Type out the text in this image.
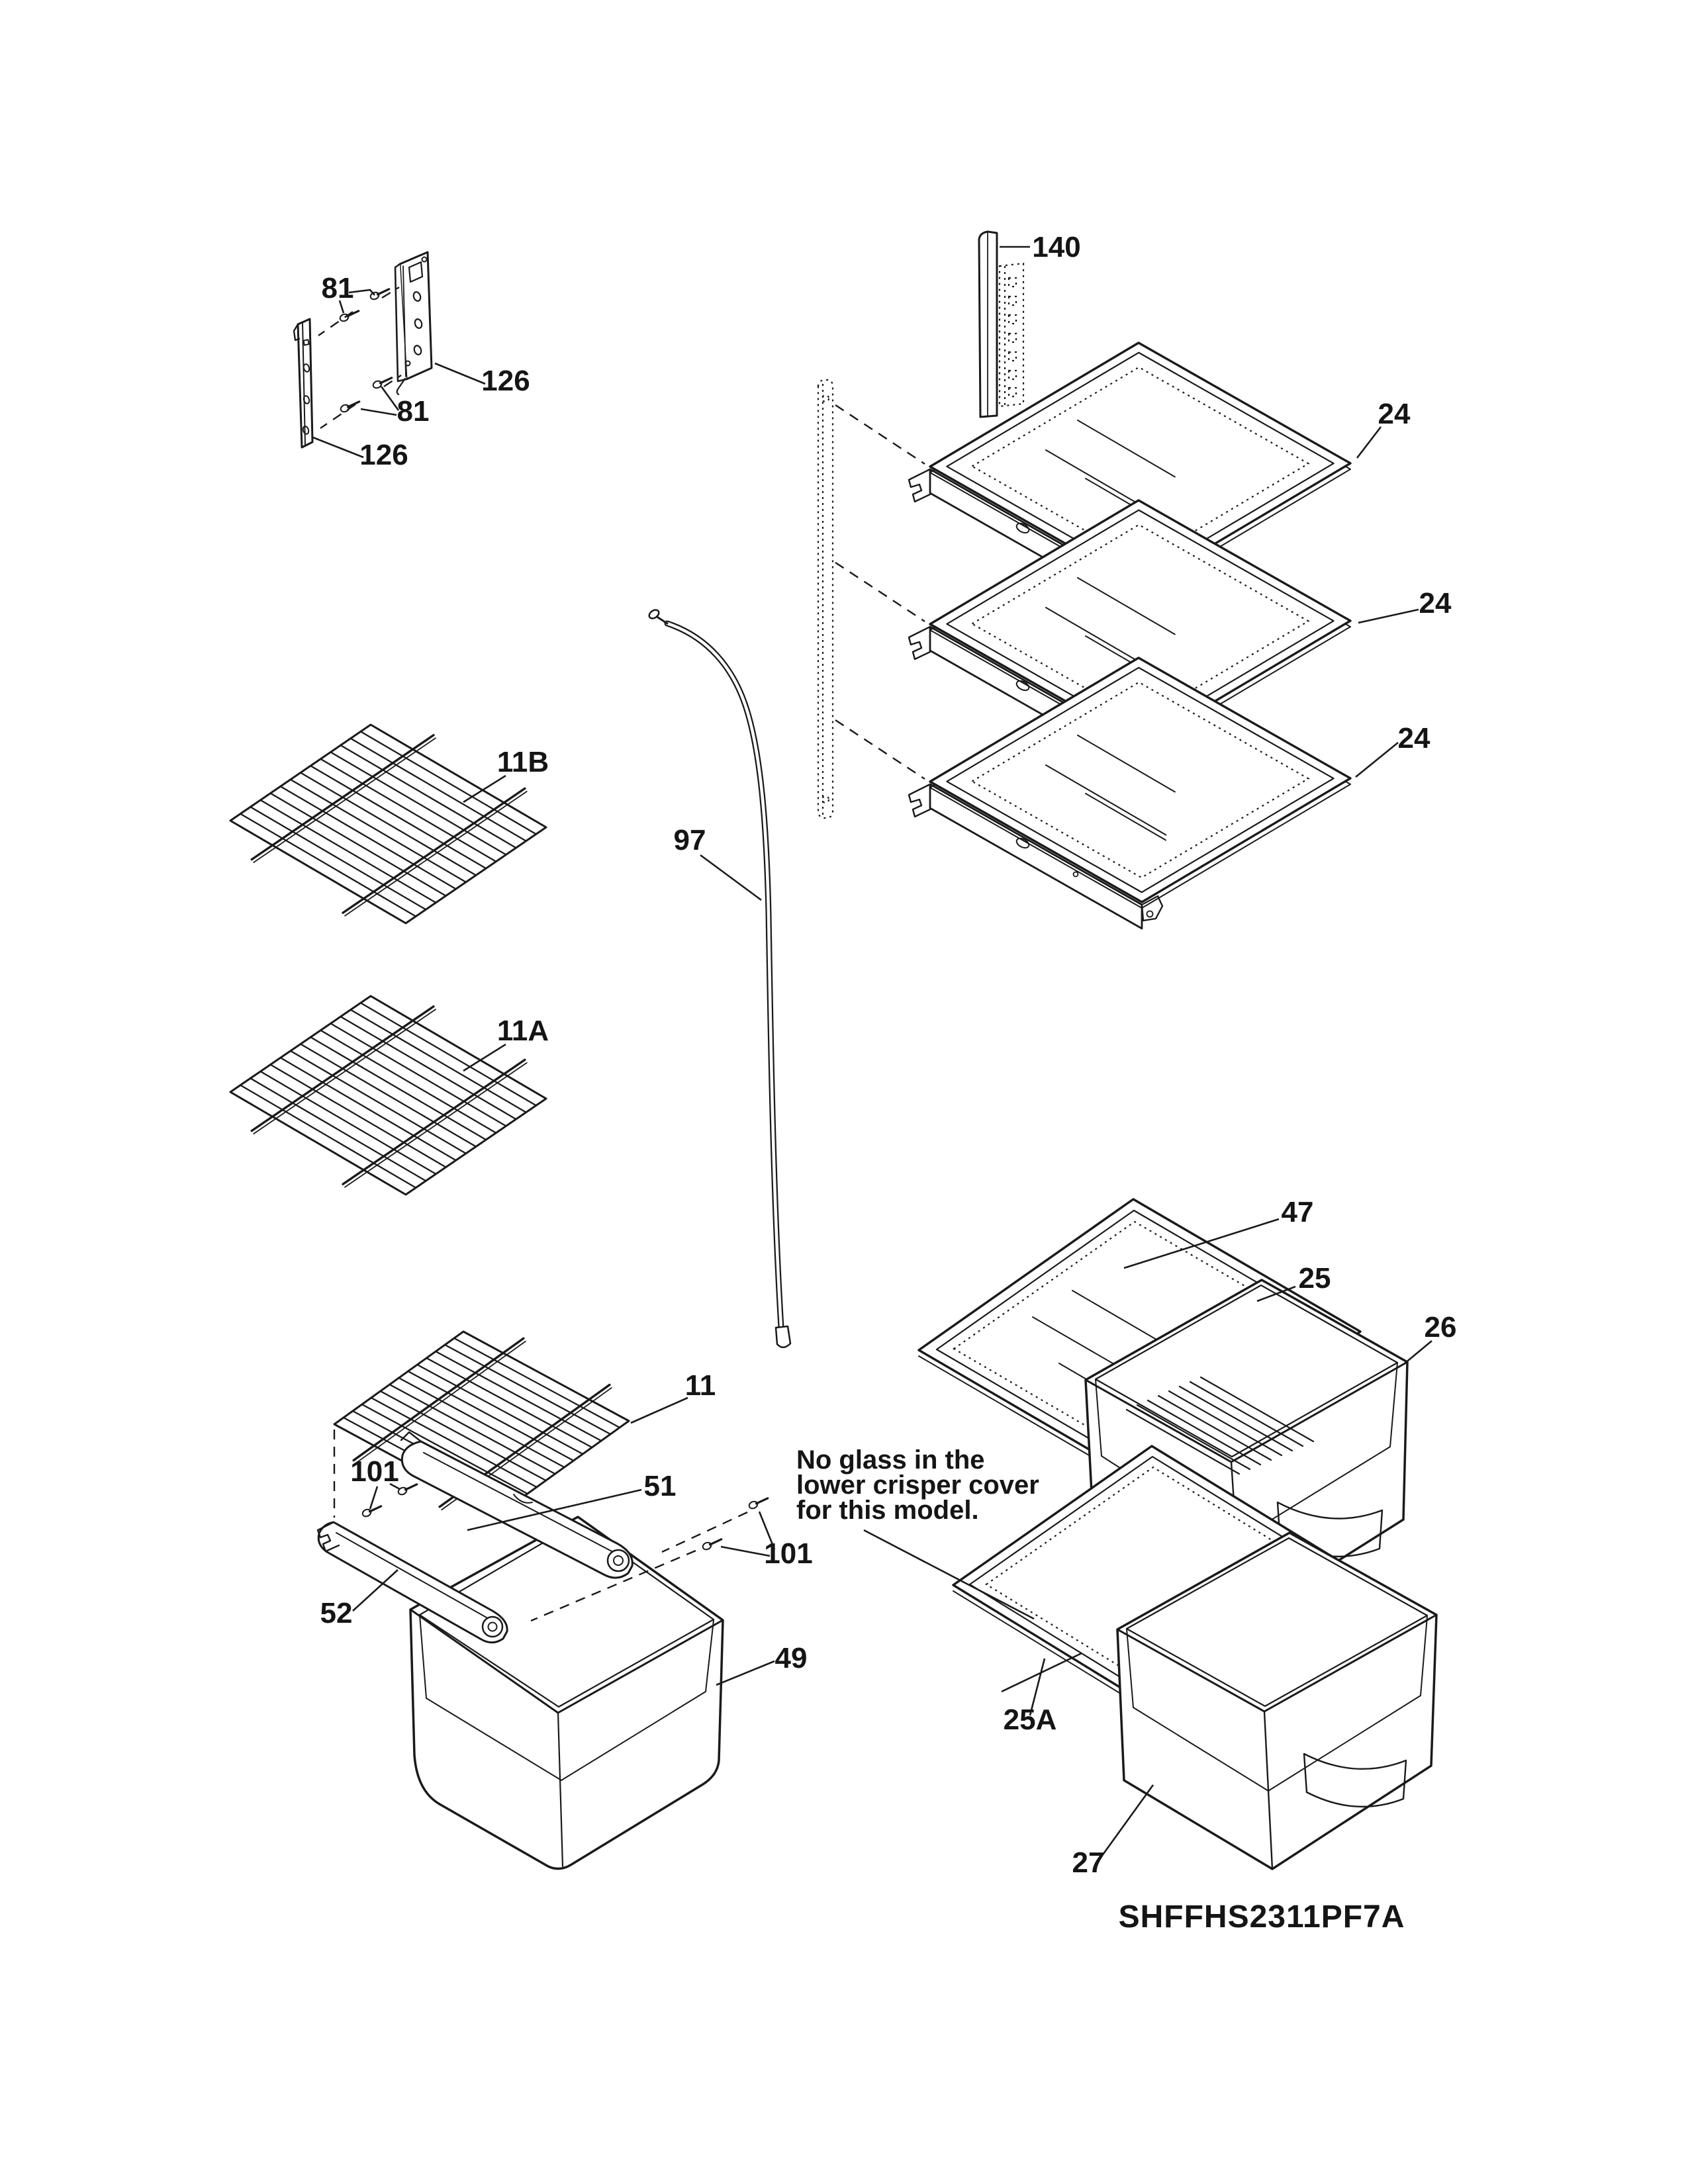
81
126
81
126
11B
11A
97
140
24
24
24
47
25
26
11
101	51
52
49
101
25A
27
No glass in the
lower crisper cover
for this model.
SHFFHS2311PF7A
